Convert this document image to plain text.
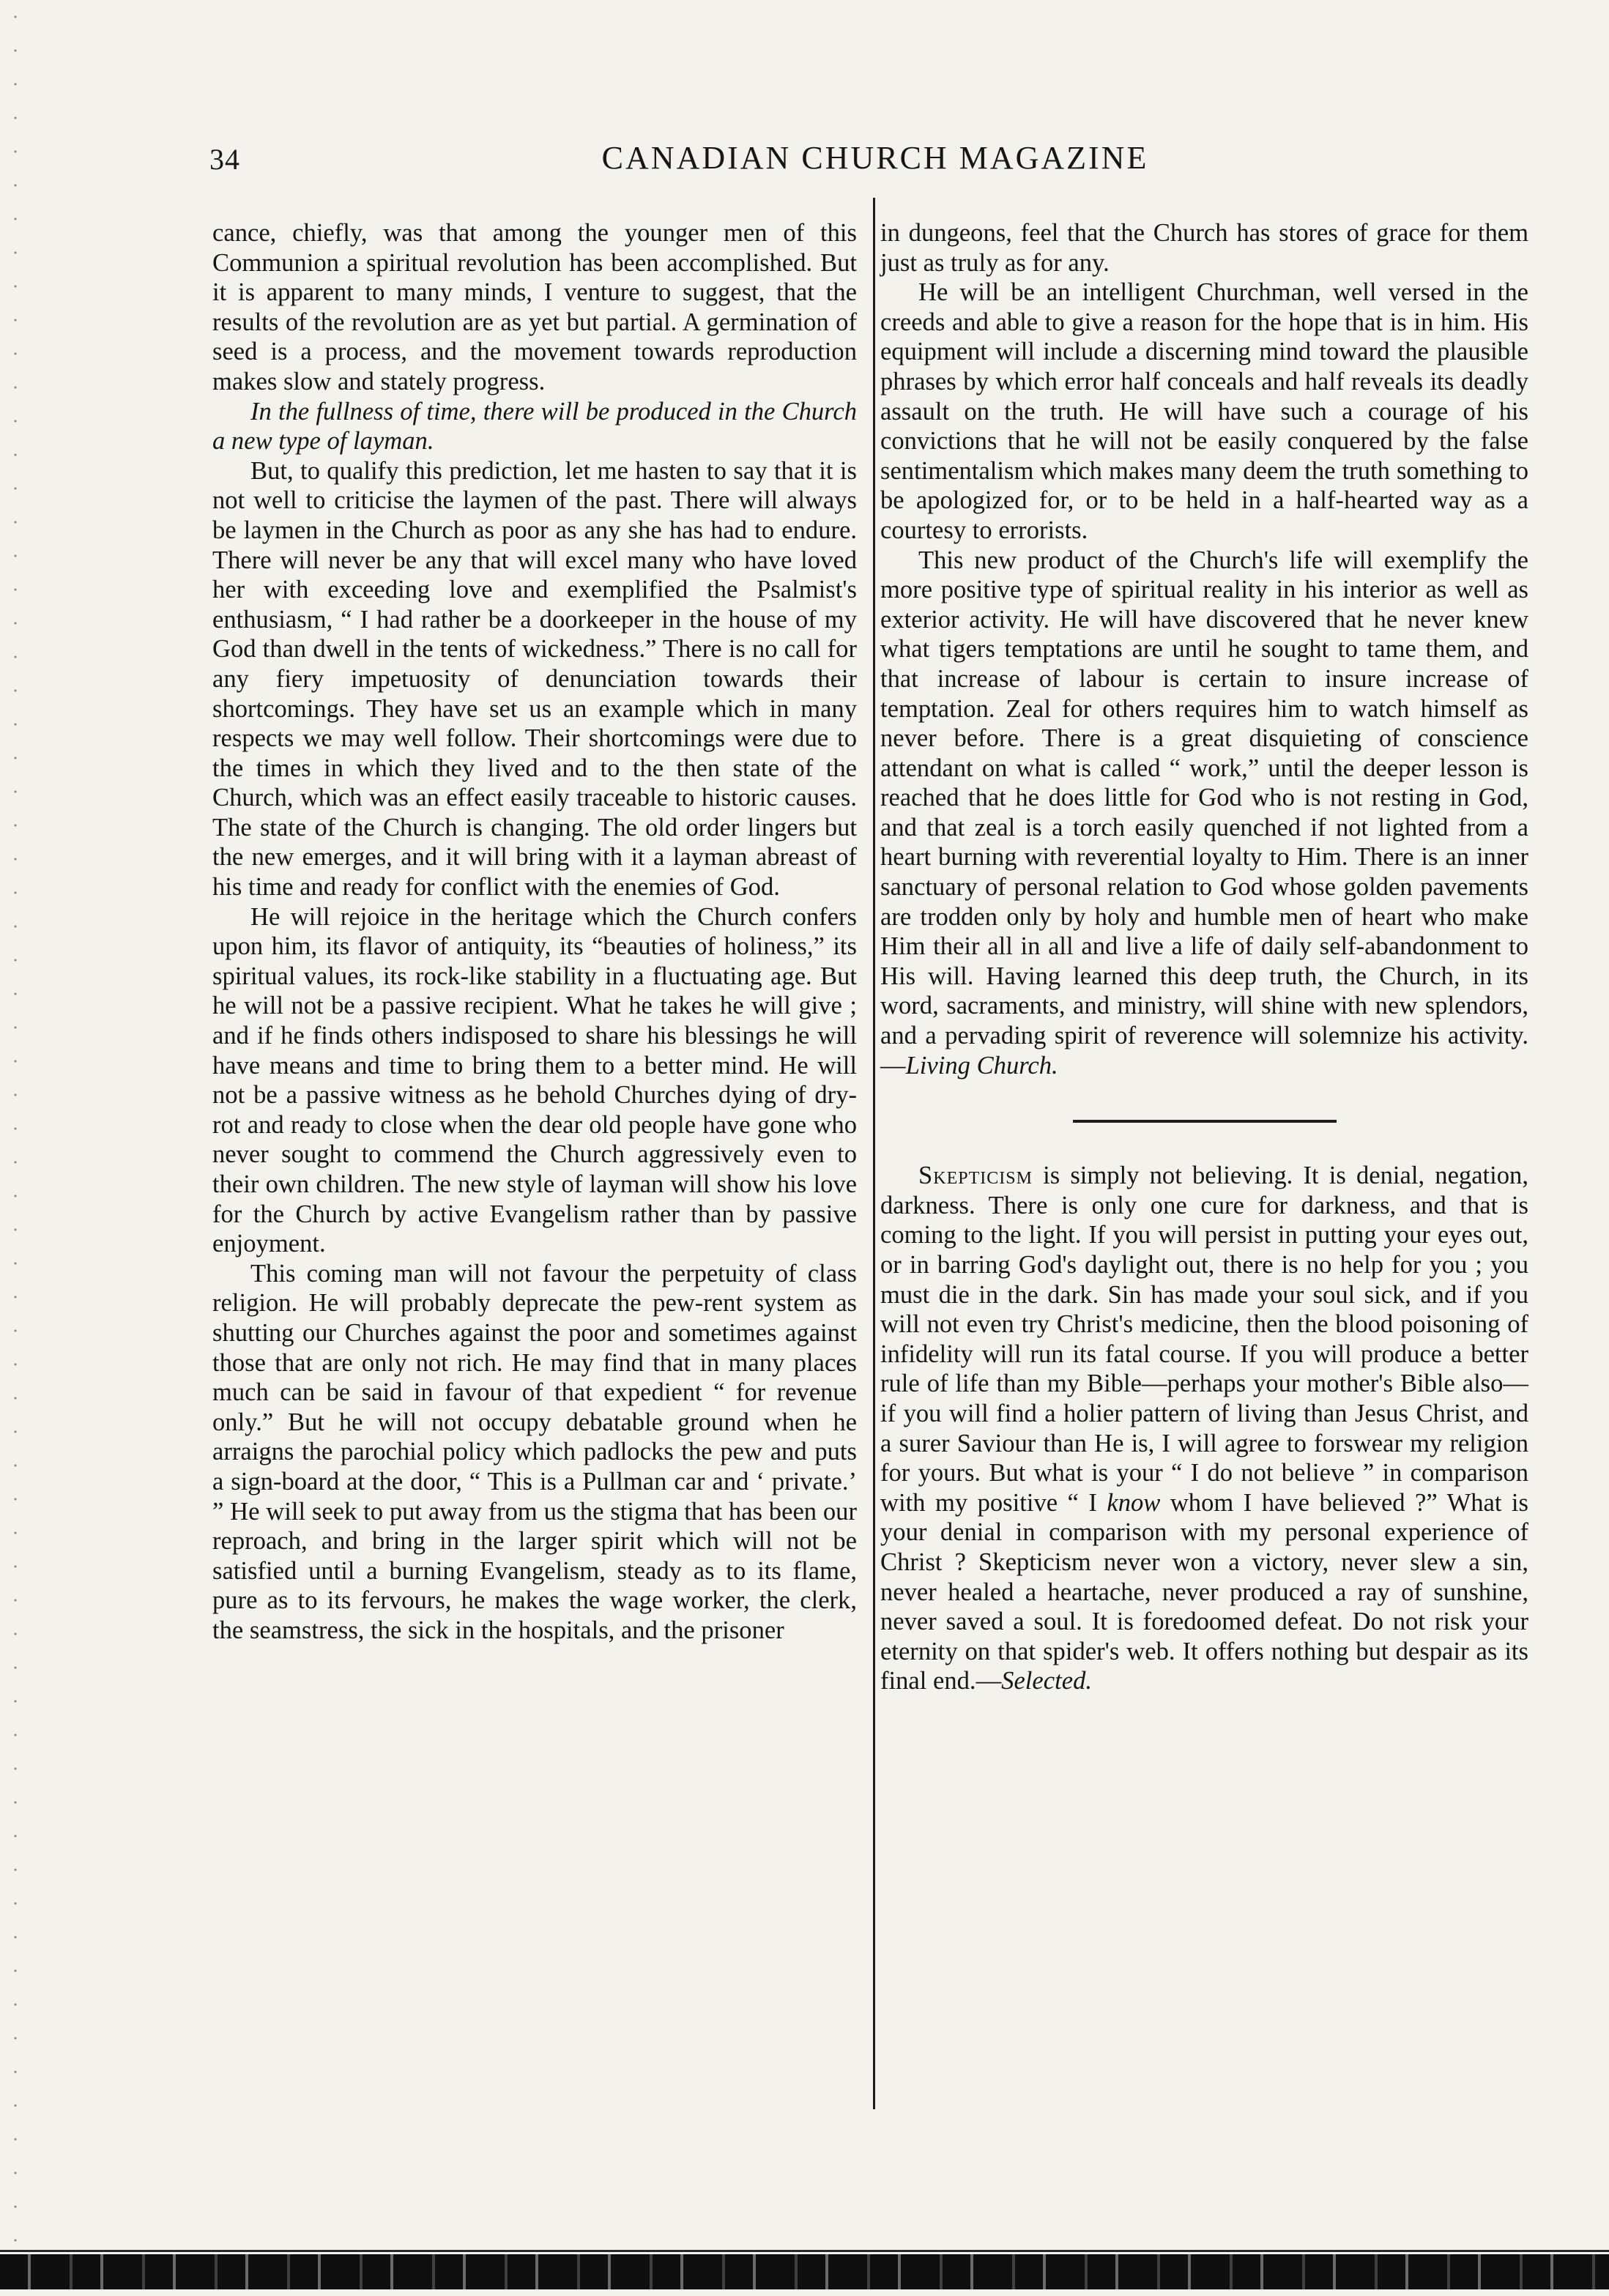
34	CANADIAN CHURCH MAGAZINE

cance, chiefly, was that among the younger men of this Communion a spiritual revolution has been accomplished. But it is apparent to many minds, I venture to suggest, that the results of the revolution are as yet but partial. A germination of seed is a process, and the movement towards reproduction makes slow and stately progress.

In the fullness of time, there will be produced in the Church a new type of layman.

But, to qualify this prediction, let me hasten to say that it is not well to criticise the laymen of the past. There will always be laymen in the Church as poor as any she has had to endure. There will never be any that will excel many who have loved her with exceeding love and exemplified the Psalmist's enthusiasm, “ I had rather be a doorkeeper in the house of my God than dwell in the tents of wickedness.” There is no call for any fiery impetuosity of denunciation towards their shortcomings. They have set us an example which in many respects we may well follow. Their shortcomings were due to the times in which they lived and to the then state of the Church, which was an effect easily traceable to historic causes. The state of the Church is changing. The old order lingers but the new emerges, and it will bring with it a layman abreast of his time and ready for conflict with the enemies of God.

He will rejoice in the heritage which the Church confers upon him, its flavor of antiquity, its “beauties of holiness,” its spiritual values, its rock-like stability in a fluctuating age. But he will not be a passive recipient. What he takes he will give ; and if he finds others indisposed to share his blessings he will have means and time to bring them to a better mind. He will not be a passive witness as he behold Churches dying of dry-rot and ready to close when the dear old people have gone who never sought to commend the Church aggressively even to their own children. The new style of layman will show his love for the Church by active Evangelism rather than by passive enjoyment.

This coming man will not favour the perpetuity of class religion. He will probably deprecate the pew-rent system as shutting our Churches against the poor and sometimes against those that are only not rich. He may find that in many places much can be said in favour of that expedient “ for revenue only.” But he will not occupy debatable ground when he arraigns the parochial policy which padlocks the pew and puts a sign-board at the door, “ This is a Pullman car and ‘ private.’ ” He will seek to put away from us the stigma that has been our reproach, and bring in the larger spirit which will not be satisfied until a burning Evangelism, steady as to its flame, pure as to its fervours, he makes the wage worker, the clerk, the seamstress, the sick in the hospitals, and the prisoner

in dungeons, feel that the Church has stores of grace for them just as truly as for any.

He will be an intelligent Churchman, well versed in the creeds and able to give a reason for the hope that is in him. His equipment will include a discerning mind toward the plausible phrases by which error half conceals and half reveals its deadly assault on the truth. He will have such a courage of his convictions that he will not be easily conquered by the false sentimentalism which makes many deem the truth something to be apologized for, or to be held in a half-hearted way as a courtesy to errorists.

This new product of the Church's life will exemplify the more positive type of spiritual reality in his interior as well as exterior activity. He will have discovered that he never knew what tigers temptations are until he sought to tame them, and that increase of labour is certain to insure increase of temptation. Zeal for others requires him to watch himself as never before. There is a great disquieting of conscience attendant on what is called “ work,” until the deeper lesson is reached that he does little for God who is not resting in God, and that zeal is a torch easily quenched if not lighted from a heart burning with reverential loyalty to Him. There is an inner sanctuary of personal relation to God whose golden pavements are trodden only by holy and humble men of heart who make Him their all in all and live a life of daily self-abandonment to His will. Having learned this deep truth, the Church, in its word, sacraments, and ministry, will shine with new splendors, and a pervading spirit of reverence will solemnize his activity.—Living Church.

Skepticism is simply not believing. It is denial, negation, darkness. There is only one cure for darkness, and that is coming to the light. If you will persist in putting your eyes out, or in barring God's daylight out, there is no help for you ; you must die in the dark. Sin has made your soul sick, and if you will not even try Christ's medicine, then the blood poisoning of infidelity will run its fatal course. If you will produce a better rule of life than my Bible—perhaps your mother's Bible also—if you will find a holier pattern of living than Jesus Christ, and a surer Saviour than He is, I will agree to forswear my religion for yours. But what is your “ I do not believe ” in comparison with my positive “ I know whom I have believed ?” What is your denial in comparison with my personal experience of Christ ? Skepticism never won a victory, never slew a sin, never healed a heartache, never produced a ray of sunshine, never saved a soul. It is foredoomed defeat. Do not risk your eternity on that spider's web. It offers nothing but despair as its final end.—Selected.
